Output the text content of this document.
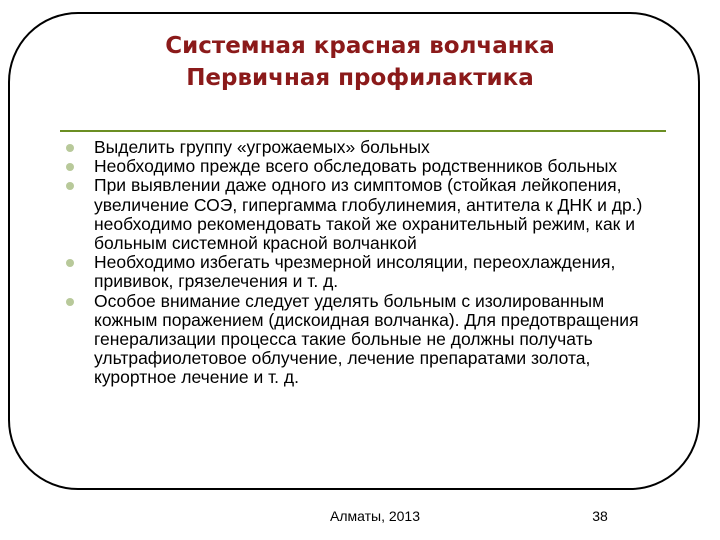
Системная красная волчанка
Первичная профилактика
Выделить группу «угрожаемых» больных
Необходимо прежде всего обследовать родственников больных
При выявлении даже одного из симптомов (стойкая лейкопения, увеличение СОЭ, гипергамма глобулинемия, антитела к ДНК и др.) необходимо рекомендовать такой же охранительный режим, как и больным системной красной волчанкой
Необходимо избегать чрезмерной инсоляции, переохлаждения, прививок, грязелечения и т. д.
Особое внимание следует уделять больным с изолированным кожным поражением (дискоидная волчанка). Для предотвращения генерализации процесса такие больные не должны получать ультрафиолетовое облучение, лечение препаратами золота, курортное лечение и т. д.
Алматы, 2013	38
